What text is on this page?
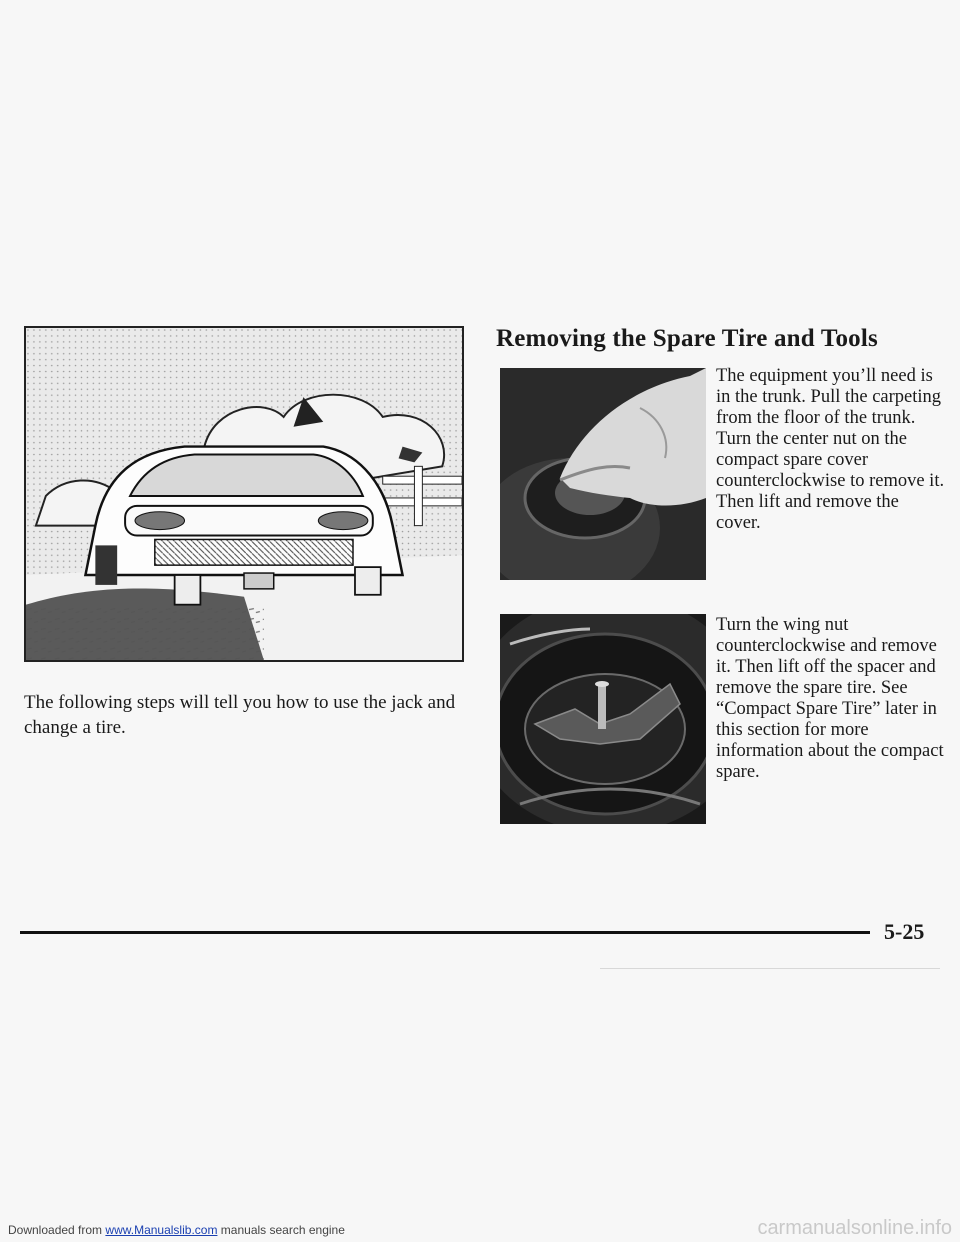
The following steps will tell you how to use the jack and change a tire.

Removing the Spare Tire and Tools

The equipment you’ll need is in the trunk. Pull the carpeting from the floor of the trunk. Turn the center nut on the compact spare cover counterclockwise to remove it. Then lift and remove the cover.

Turn the wing nut counterclockwise and remove it. Then lift off the spacer and remove the spare tire. See “Compact Spare Tire” later in this section for more information about the compact spare.

5-25

Downloaded from www.Manualslib.com manuals search engine	carmanualsonline.info
